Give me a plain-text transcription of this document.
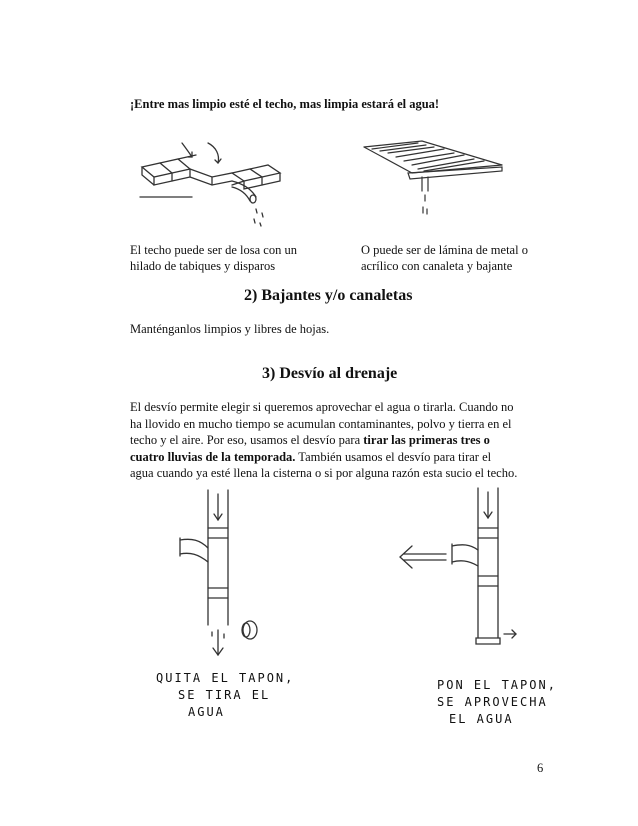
¡Entre mas limpio esté el techo, mas limpia estará el agua!
El techo puede ser de losa con un
hilado de tabiques y disparos
O puede ser de lámina de metal o
acrílico con canaleta y bajante
2) Bajantes y/o canaletas
Manténganlos limpios y libres de hojas.
3) Desvío al drenaje
El desvío permite elegir si queremos aprovechar el agua o tirarla. Cuando no
ha llovido en mucho tiempo se acumulan contaminantes, polvo y tierra en el
techo y el aire. Por eso, usamos el desvío para tirar las primeras tres o
cuatro lluvias de la temporada. También usamos el desvío para tirar el
agua cuando ya esté llena la cisterna o si por alguna razón esta sucio el techo.
QUITA EL TAPON,
SE TIRA EL
AGUA
PON EL TAPON,
SE APROVECHA
EL AGUA
6
